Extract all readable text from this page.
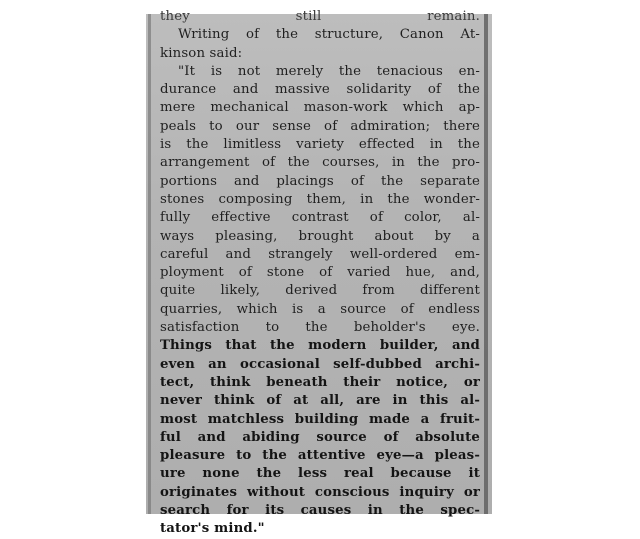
they still remain.
Writing of the structure, Canon At-
kinson said:
"It is not merely the tenacious en-
durance and massive solidarity of the
mere mechanical mason-work which ap-
peals to our sense of admiration; there
is the limitless variety effected in the
arrangement of the courses, in the pro-
portions and placings of the separate
stones composing them, in the wonder-
fully effective contrast of color, al-
ways pleasing, brought about by a
careful and strangely well-ordered em-
ployment of stone of varied hue, and,
quite likely, derived from different
quarries, which is a source of endless
satisfaction to the beholder's eye.
Things that the modern builder, and
even an occasional self-dubbed archi-
tect, think beneath their notice, or
never think of at all, are in this al-
most matchless building made a fruit-
ful and abiding source of absolute
pleasure to the attentive eye—a pleas-
ure none the less real because it
originates without conscious inquiry or
search for its causes in the spec-
tator's mind."
